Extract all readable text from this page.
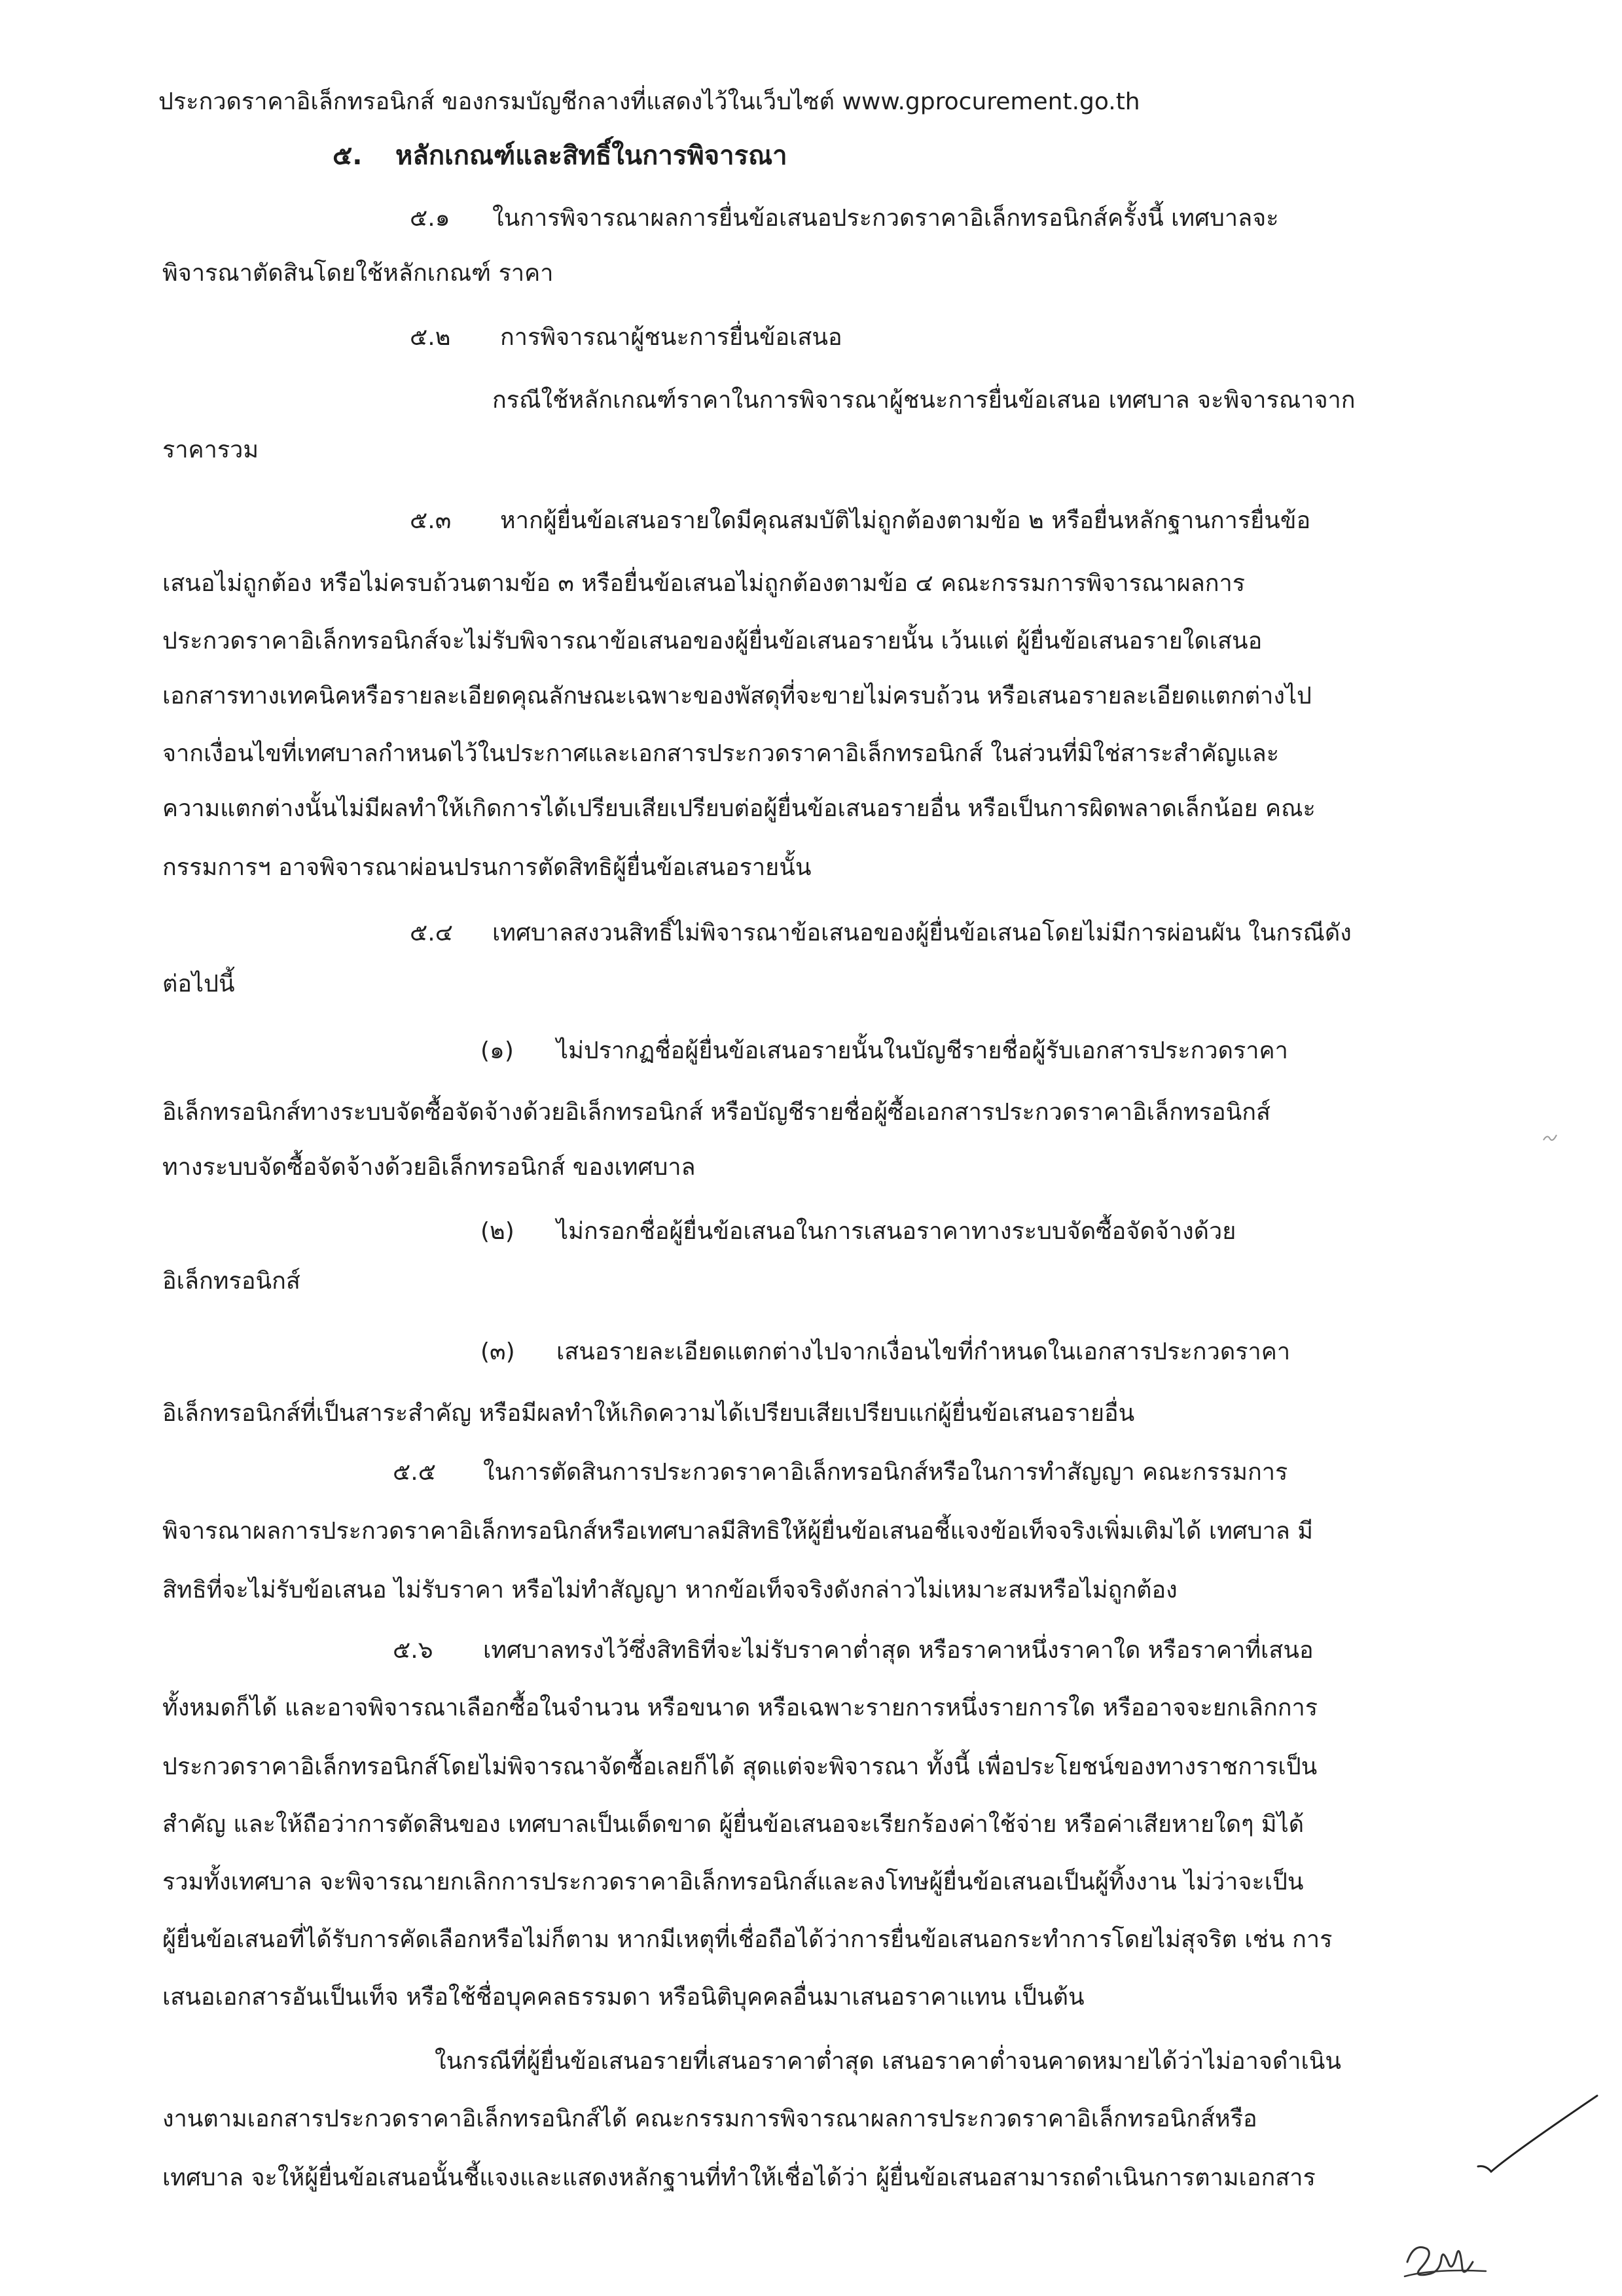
ประกวดราคาอิเล็กทรอนิกส์ ของกรมบัญชีกลางที่แสดงไว้ในเว็บไซต์ www.gprocurement.go.th
๕. หลักเกณฑ์และสิทธิ์ในการพิจารณา
๕.๑ ในการพิจารณาผลการยื่นข้อเสนอประกวดราคาอิเล็กทรอนิกส์ครั้งนี้ เทศบาลจะ
พิจารณาตัดสินโดยใช้หลักเกณฑ์ ราคา
๕.๒ การพิจารณาผู้ชนะการยื่นข้อเสนอ
กรณีใช้หลักเกณฑ์ราคาในการพิจารณาผู้ชนะการยื่นข้อเสนอ เทศบาล จะพิจารณาจาก
ราคารวม
๕.๓ หากผู้ยื่นข้อเสนอรายใดมีคุณสมบัติไม่ถูกต้องตามข้อ ๒ หรือยื่นหลักฐานการยื่นข้อ
เสนอไม่ถูกต้อง หรือไม่ครบถ้วนตามข้อ ๓ หรือยื่นข้อเสนอไม่ถูกต้องตามข้อ ๔ คณะกรรมการพิจารณาผลการ
ประกวดราคาอิเล็กทรอนิกส์จะไม่รับพิจารณาข้อเสนอของผู้ยื่นข้อเสนอรายนั้น เว้นแต่ ผู้ยื่นข้อเสนอรายใดเสนอ
เอกสารทางเทคนิคหรือรายละเอียดคุณลักษณะเฉพาะของพัสดุที่จะขายไม่ครบถ้วน หรือเสนอรายละเอียดแตกต่างไป
จากเงื่อนไขที่เทศบาลกำหนดไว้ในประกาศและเอกสารประกวดราคาอิเล็กทรอนิกส์ ในส่วนที่มิใช่สาระสำคัญและ
ความแตกต่างนั้นไม่มีผลทำให้เกิดการได้เปรียบเสียเปรียบต่อผู้ยื่นข้อเสนอรายอื่น หรือเป็นการผิดพลาดเล็กน้อย คณะ
กรรมการฯ อาจพิจารณาผ่อนปรนการตัดสิทธิผู้ยื่นข้อเสนอรายนั้น
๕.๔ เทศบาลสงวนสิทธิ์ไม่พิจารณาข้อเสนอของผู้ยื่นข้อเสนอโดยไม่มีการผ่อนผัน ในกรณีดัง
ต่อไปนี้
(๑) ไม่ปรากฏชื่อผู้ยื่นข้อเสนอรายนั้นในบัญชีรายชื่อผู้รับเอกสารประกวดราคา
อิเล็กทรอนิกส์ทางระบบจัดซื้อจัดจ้างด้วยอิเล็กทรอนิกส์ หรือบัญชีรายชื่อผู้ซื้อเอกสารประกวดราคาอิเล็กทรอนิกส์
ทางระบบจัดซื้อจัดจ้างด้วยอิเล็กทรอนิกส์ ของเทศบาล
(๒) ไม่กรอกชื่อผู้ยื่นข้อเสนอในการเสนอราคาทางระบบจัดซื้อจัดจ้างด้วย
อิเล็กทรอนิกส์
(๓) เสนอรายละเอียดแตกต่างไปจากเงื่อนไขที่กำหนดในเอกสารประกวดราคา
อิเล็กทรอนิกส์ที่เป็นสาระสำคัญ หรือมีผลทำให้เกิดความได้เปรียบเสียเปรียบแก่ผู้ยื่นข้อเสนอรายอื่น
๕.๕ ในการตัดสินการประกวดราคาอิเล็กทรอนิกส์หรือในการทำสัญญา คณะกรรมการ
พิจารณาผลการประกวดราคาอิเล็กทรอนิกส์หรือเทศบาลมีสิทธิให้ผู้ยื่นข้อเสนอชี้แจงข้อเท็จจริงเพิ่มเติมได้ เทศบาล มี
สิทธิที่จะไม่รับข้อเสนอ ไม่รับราคา หรือไม่ทำสัญญา หากข้อเท็จจริงดังกล่าวไม่เหมาะสมหรือไม่ถูกต้อง
๕.๖ เทศบาลทรงไว้ซึ่งสิทธิที่จะไม่รับราคาต่ำสุด หรือราคาหนึ่งราคาใด หรือราคาที่เสนอ
ทั้งหมดก็ได้ และอาจพิจารณาเลือกซื้อในจำนวน หรือขนาด หรือเฉพาะรายการหนึ่งรายการใด หรืออาจจะยกเลิกการ
ประกวดราคาอิเล็กทรอนิกส์โดยไม่พิจารณาจัดซื้อเลยก็ได้ สุดแต่จะพิจารณา ทั้งนี้ เพื่อประโยชน์ของทางราชการเป็น
สำคัญ และให้ถือว่าการตัดสินของ เทศบาลเป็นเด็ดขาด ผู้ยื่นข้อเสนอจะเรียกร้องค่าใช้จ่าย หรือค่าเสียหายใดๆ มิได้
รวมทั้งเทศบาล จะพิจารณายกเลิกการประกวดราคาอิเล็กทรอนิกส์และลงโทษผู้ยื่นข้อเสนอเป็นผู้ทิ้งงาน ไม่ว่าจะเป็น
ผู้ยื่นข้อเสนอที่ได้รับการคัดเลือกหรือไม่ก็ตาม หากมีเหตุที่เชื่อถือได้ว่าการยื่นข้อเสนอกระทำการโดยไม่สุจริต เช่น การ
เสนอเอกสารอันเป็นเท็จ หรือใช้ชื่อบุคคลธรรมดา หรือนิติบุคคลอื่นมาเสนอราคาแทน เป็นต้น
ในกรณีที่ผู้ยื่นข้อเสนอรายที่เสนอราคาต่ำสุด เสนอราคาต่ำจนคาดหมายได้ว่าไม่อาจดำเนิน
งานตามเอกสารประกวดราคาอิเล็กทรอนิกส์ได้ คณะกรรมการพิจารณาผลการประกวดราคาอิเล็กทรอนิกส์หรือ
เทศบาล จะให้ผู้ยื่นข้อเสนอนั้นชี้แจงและแสดงหลักฐานที่ทำให้เชื่อได้ว่า ผู้ยื่นข้อเสนอสามารถดำเนินการตามเอกสาร
